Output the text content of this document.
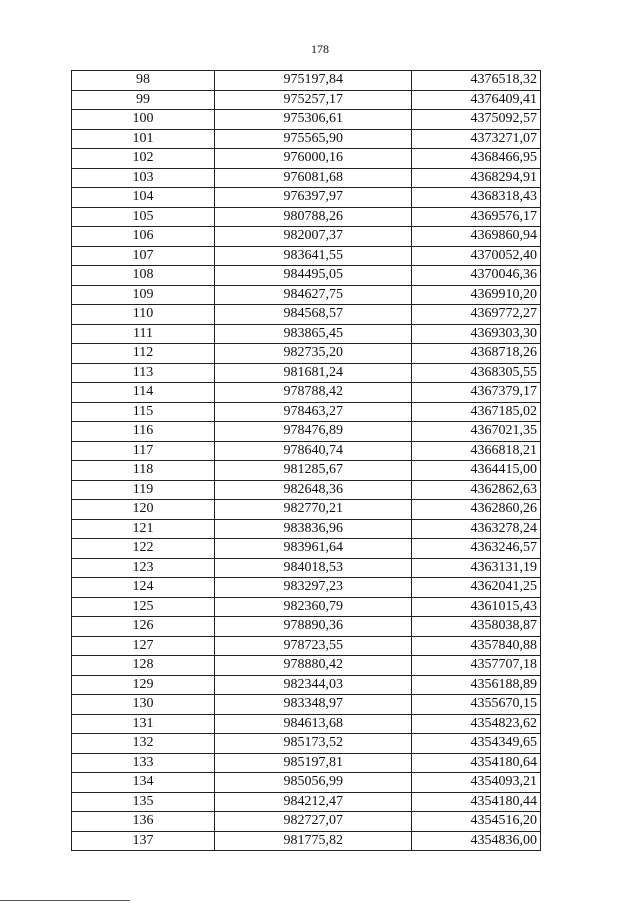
178
98	975197,84	4376518,32
99	975257,17	4376409,41
100	975306,61	4375092,57
101	975565,90	4373271,07
102	976000,16	4368466,95
103	976081,68	4368294,91
104	976397,97	4368318,43
105	980788,26	4369576,17
106	982007,37	4369860,94
107	983641,55	4370052,40
108	984495,05	4370046,36
109	984627,75	4369910,20
110	984568,57	4369772,27
111	983865,45	4369303,30
112	982735,20	4368718,26
113	981681,24	4368305,55
114	978788,42	4367379,17
115	978463,27	4367185,02
116	978476,89	4367021,35
117	978640,74	4366818,21
118	981285,67	4364415,00
119	982648,36	4362862,63
120	982770,21	4362860,26
121	983836,96	4363278,24
122	983961,64	4363246,57
123	984018,53	4363131,19
124	983297,23	4362041,25
125	982360,79	4361015,43
126	978890,36	4358038,87
127	978723,55	4357840,88
128	978880,42	4357707,18
129	982344,03	4356188,89
130	983348,97	4355670,15
131	984613,68	4354823,62
132	985173,52	4354349,65
133	985197,81	4354180,64
134	985056,99	4354093,21
135	984212,47	4354180,44
136	982727,07	4354516,20
137	981775,82	4354836,00
